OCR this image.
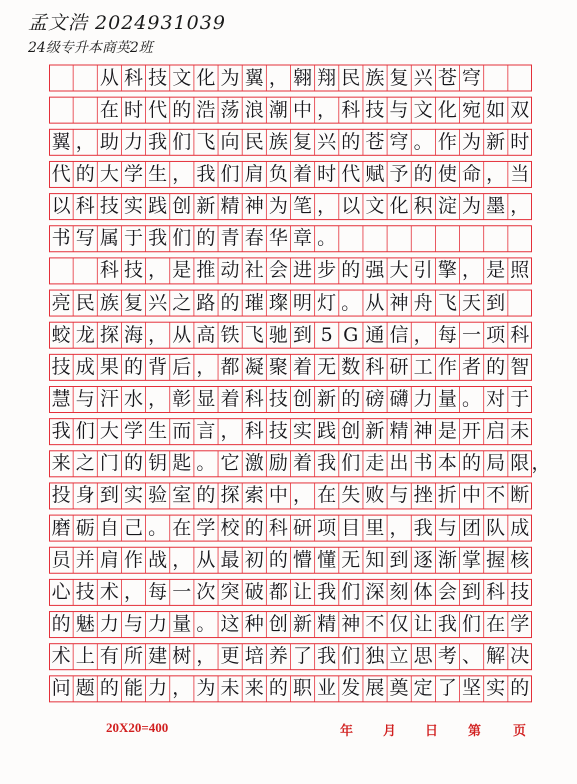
孟文浩 2024931039
24级专升本商英2班
从 科 技 文 化 为 翼 ， 翱 翔 民 族 复 兴 苍 穹
在 时 代 的 浩 荡 浪 潮 中 ， 科 技 与 文 化 宛 如 双
翼 ， 助 力 我 们 飞 向 民 族 复 兴 的 苍 穹 。 作 为 新 时
代 的 大 学 生 ， 我 们 肩 负 着 时 代 赋 予 的 使 命 ， 当
以 科 技 实 践 创 新 精 神 为 笔 ， 以 文 化 积 淀 为 墨 ，
书 写 属 于 我 们 的 青 春 华 章 。
科 技 ， 是 推 动 社 会 进 步 的 强 大 引 擎 ， 是 照
亮 民 族 复 兴 之 路 的 璀 璨 明 灯 。 从 神 舟 飞 天 到
蛟 龙 探 海 ， 从 高 铁 飞 驰 到 5 G 通 信 ， 每 一 项 科
技 成 果 的 背 后 ， 都 凝 聚 着 无 数 科 研 工 作 者 的 智
慧 与 汗 水 ， 彰 显 着 科 技 创 新 的 磅 礴 力 量 。 对 于
我 们 大 学 生 而 言 ， 科 技 实 践 创 新 精 神 是 开 启 未
来 之 门 的 钥 匙 。 它 激 励 着 我 们 走 出 书 本 的 局 限 ，
投 身 到 实 验 室 的 探 索 中 ， 在 失 败 与 挫 折 中 不 断
磨 砺 自 己 。 在 学 校 的 科 研 项 目 里 ， 我 与 团 队 成
员 并 肩 作 战 ， 从 最 初 的 懵 懂 无 知 到 逐 渐 掌 握 核
心 技 术 ， 每 一 次 突 破 都 让 我 们 深 刻 体 会 到 科 技
的 魅 力 与 力 量 。 这 种 创 新 精 神 不 仅 让 我 们 在 学
术 上 有 所 建 树 ， 更 培 养 了 我 们 独 立 思 考 、 解 决
问 题 的 能 力 ， 为 未 来 的 职 业 发 展 奠 定 了 坚 实 的
20X20=400	年	月	日	第	页
